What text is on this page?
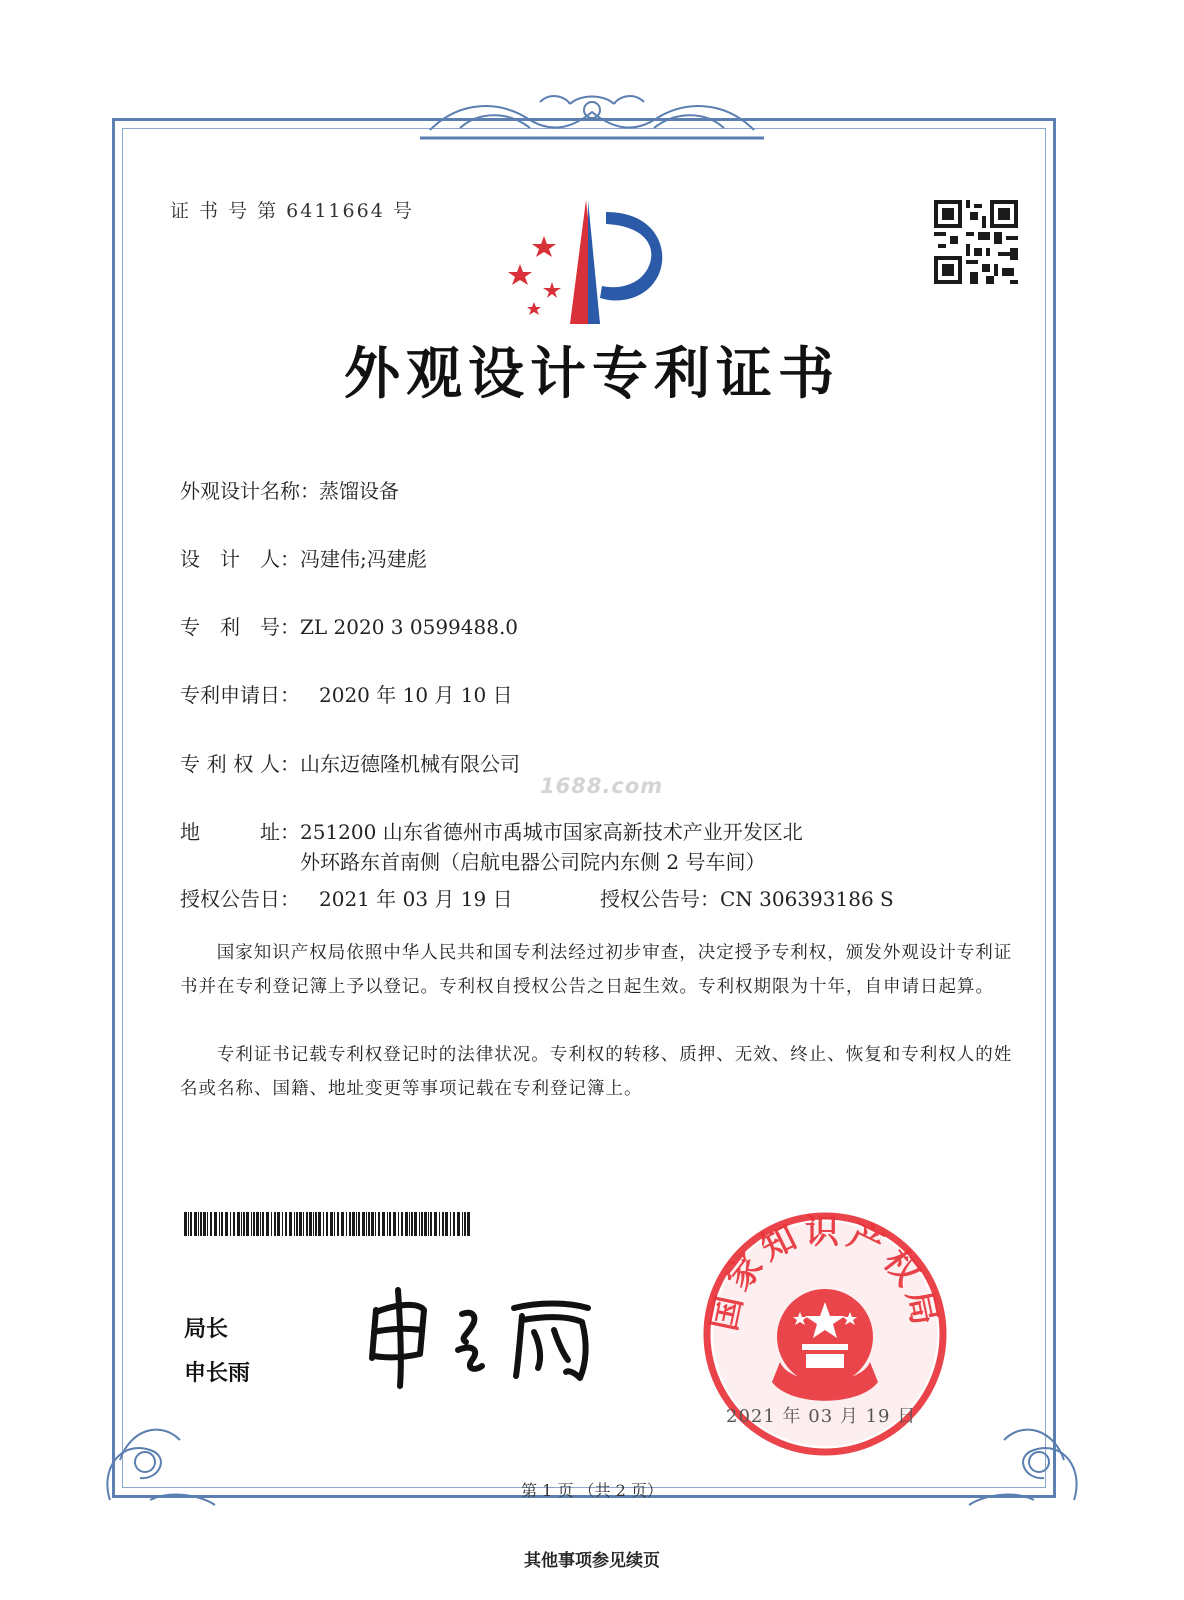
证 书 号 第 6411664 号
外观设计专利证书
外观设计名称：蒸馏设备
设 计 人：冯建伟;冯建彪
专 利 号：ZL 2020 3 0599488.0
专利申请日： 2020 年 10 月 10 日
专 利 权 人：山东迈德隆机械有限公司
1688.com
地 址：251200 山东省德州市禹城市国家高新技术产业开发区北
外环路东首南侧（启航电器公司院内东侧 2 号车间）
授权公告日： 2021 年 03 月 19 日	授权公告号：CN 306393186 S

国家知识产权局依照中华人民共和国专利法经过初步审查，决定授予专利权，颁发外观设计专利证书并在专利登记簿上予以登记。专利权自授权公告之日起生效。专利权期限为十年，自申请日起算。

专利证书记载专利权登记时的法律状况。专利权的转移、质押、无效、终止、恢复和专利权人的姓名或名称、国籍、地址变更等事项记载在专利登记簿上。

局长
申长雨
国家知识产权局
2021 年 03 月 19 日
第 1 页 （共 2 页）
其他事项参见续页
